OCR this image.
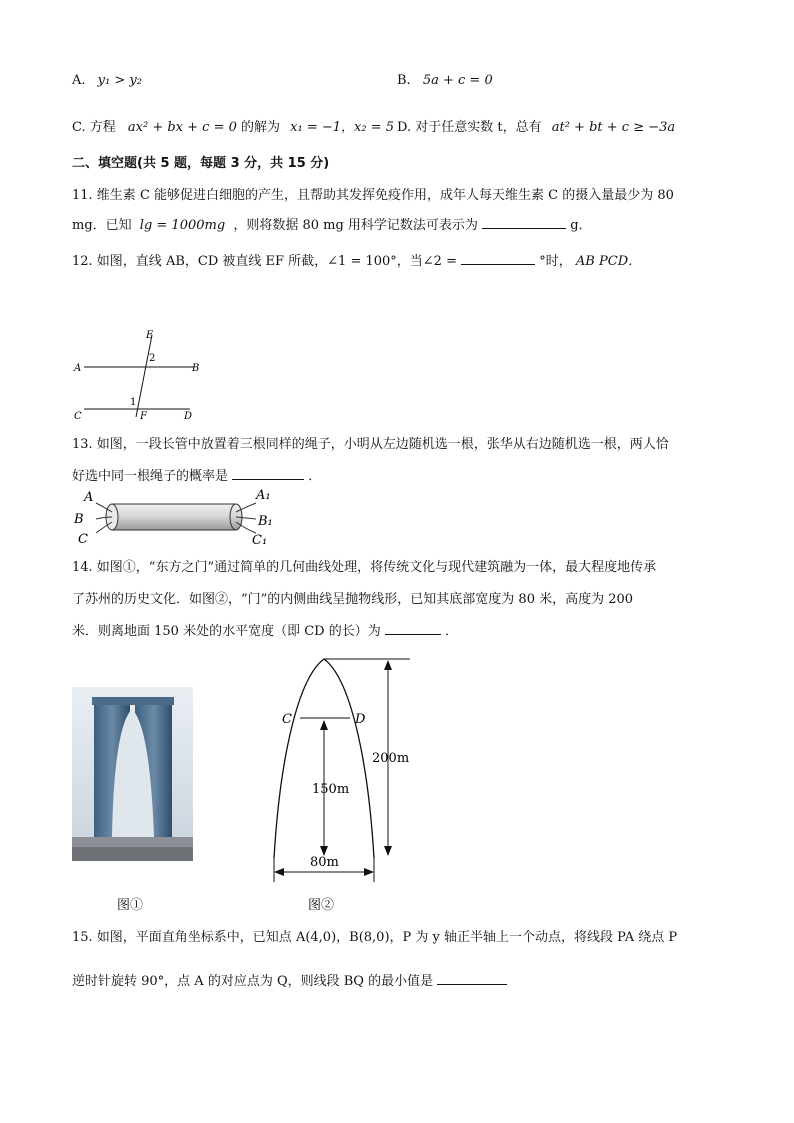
A. y₁ > y₂	B. 5a + c = 0
C. 方程 ax² + bx + c = 0 的解为 x₁ = −1，x₂ = 5 D. 对于任意实数 t，总有 at² + bt + c ≥ −3a
二、填空题(共 5 题，每题 3 分，共 15 分)
11. 维生素 C 能够促进白细胞的产生，且帮助其发挥免疫作用，成年人每天维生素 C 的摄入量最少为 80
mg．已知 lg = 1000mg ，则将数据 80 mg 用科学记数法可表示为	g．
12. 如图，直线 AB，CD 被直线 EF 所截，∠1 = 100°，当∠2 =	°时， AB PCD．
E
A	B
C	D
F
1
2
13. 如图，一段长管中放置着三根同样的绳子，小明从左边随机选一根，张华从右边随机选一根，两人恰
好选中同一根绳子的概率是	．
A
B
C
A₁
B₁
C₁
14. 如图①，“东方之门”通过简单的几何曲线处理，将传统文化与现代建筑融为一体，最大程度地传承
了苏州的历史文化．如图②，“门”的内侧曲线呈抛物线形，已知其底部宽度为 80 米，高度为 200
米．则离地面 150 米处的水平宽度（即 CD 的长）为	．
图①
C	D
150m
200m
80m
图②
15. 如图，平面直角坐标系中，已知点 A(4,0)，B(8,0)，P 为 y 轴正半轴上一个动点，将线段 PA 绕点 P
逆时针旋转 90°，点 A 的对应点为 Q，则线段 BQ 的最小值是
